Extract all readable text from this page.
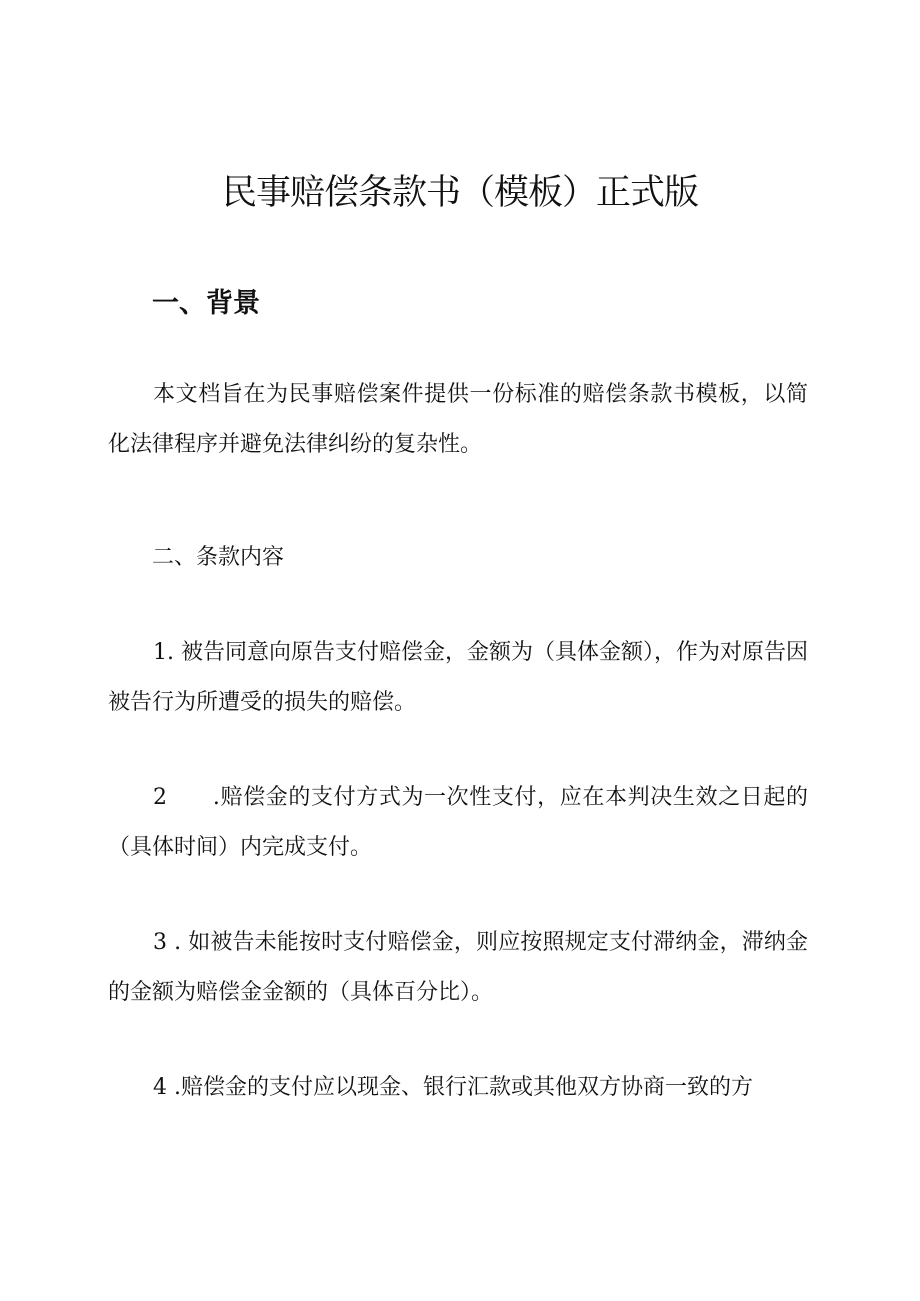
民事赔偿条款书（模板）正式版
一、背景

本文档旨在为民事赔偿案件提供一份标准的赔偿条款书模板，以简化法律程序并避免法律纠纷的复杂性。

二、条款内容

1. 被告同意向原告支付赔偿金，金额为（具体金额），作为对原告因被告行为所遭受的损失的赔偿。

2　　.赔偿金的支付方式为一次性支付，应在本判决生效之日起的（具体时间）内完成支付。

3 . 如被告未能按时支付赔偿金，则应按照规定支付滞纳金，滞纳金的金额为赔偿金金额的（具体百分比）。

4 .赔偿金的支付应以现金、银行汇款或其他双方协商一致的方
